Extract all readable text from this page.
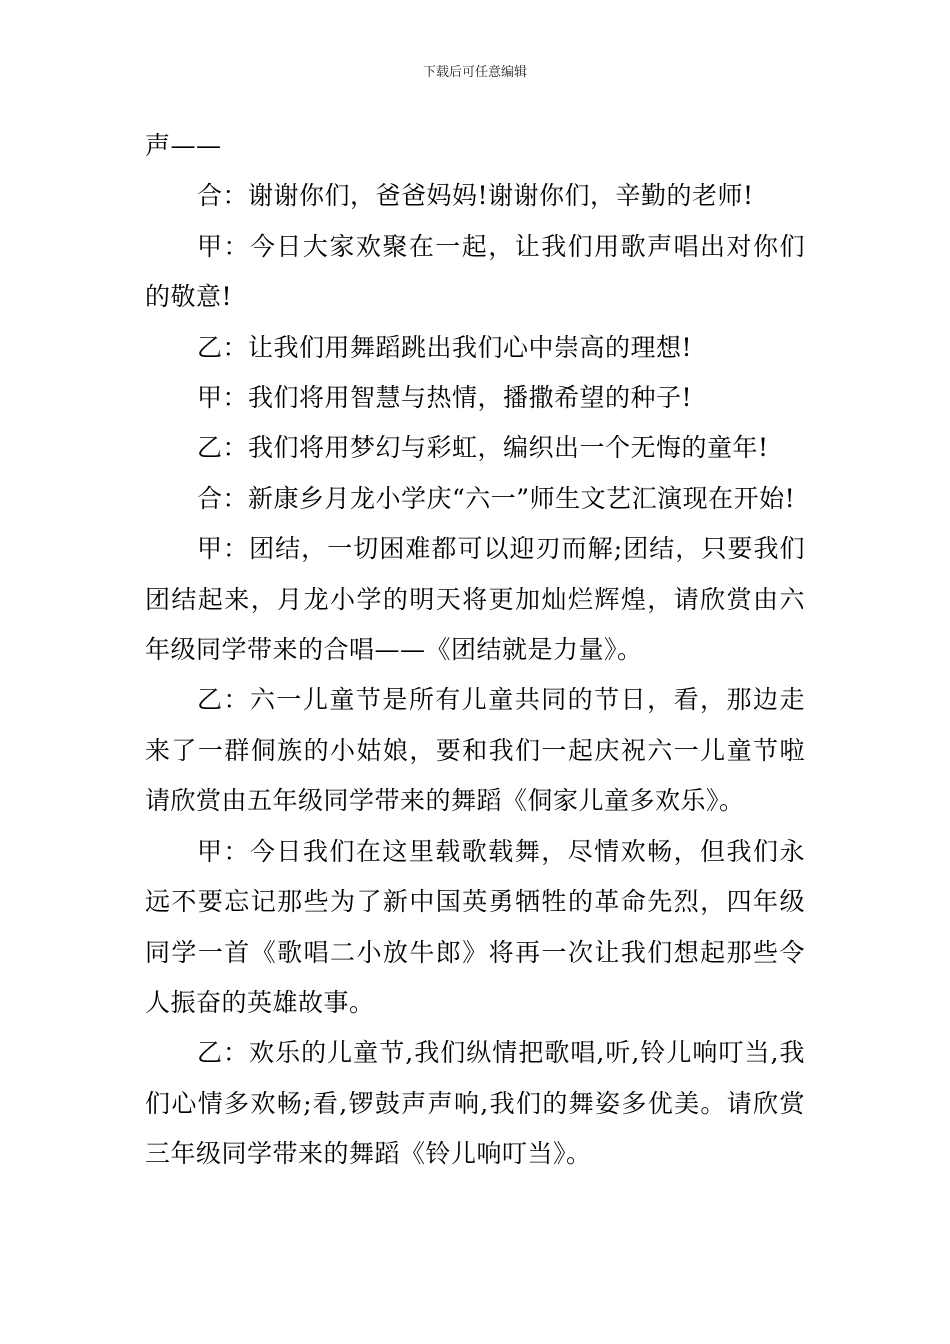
下载后可任意编辑

声——

合：谢谢你们，爸爸妈妈!谢谢你们，辛勤的老师!

甲：今日大家欢聚在一起，让我们用歌声唱出对你们的敬意!

乙：让我们用舞蹈跳出我们心中崇高的理想!

甲：我们将用智慧与热情，播撒希望的种子!

乙：我们将用梦幻与彩虹，编织出一个无悔的童年!

合：新康乡月龙小学庆“六一”师生文艺汇演现在开始!

甲：团结，一切困难都可以迎刃而解;团结，只要我们团结起来，月龙小学的明天将更加灿烂辉煌，请欣赏由六年级同学带来的合唱——《团结就是力量》。

乙：六一儿童节是所有儿童共同的节日，看，那边走来了一群侗族的小姑娘，要和我们一起庆祝六一儿童节啦请欣赏由五年级同学带来的舞蹈《侗家儿童多欢乐》。

甲：今日我们在这里载歌载舞，尽情欢畅，但我们永远不要忘记那些为了新中国英勇牺牲的革命先烈，四年级同学一首《歌唱二小放牛郎》将再一次让我们想起那些令人振奋的英雄故事。

乙：欢乐的儿童节,我们纵情把歌唱,听,铃儿响叮当,我们心情多欢畅;看,锣鼓声声响,我们的舞姿多优美。请欣赏三年级同学带来的舞蹈《铃儿响叮当》。
